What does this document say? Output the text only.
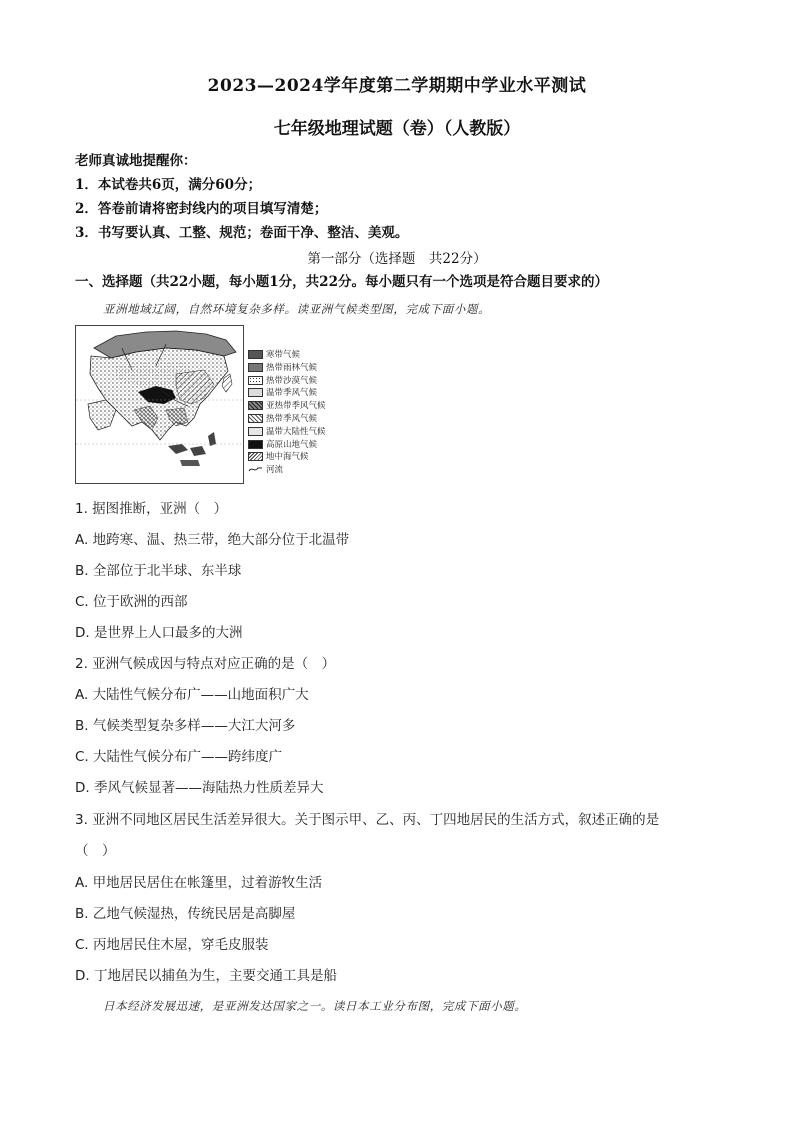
2023—2024学年度第二学期期中学业水平测试
七年级地理试题（卷）（人教版）
老师真诚地提醒你：
1．本试卷共6页，满分60分；
2．答卷前请将密封线内的项目填写清楚；
3．书写要认真、工整、规范；卷面干净、整洁、美观。
第一部分（选择题　共22分）
一、选择题（共22小题，每小题1分，共22分。每小题只有一个选项是符合题目要求的）
亚洲地域辽阔，自然环境复杂多样。读亚洲气候类型图，完成下面小题。
寒带气候
热带雨林气候
热带沙漠气候
温带季风气候
亚热带季风气候
热带季风气候
温带大陆性气候
高原山地气候
地中海气候
河流
1. 据图推断，亚洲（　）
A. 地跨寒、温、热三带，绝大部分位于北温带
B. 全部位于北半球、东半球
C. 位于欧洲的西部
D. 是世界上人口最多的大洲
2. 亚洲气候成因与特点对应正确的是（　）
A. 大陆性气候分布广——山地面积广大
B. 气候类型复杂多样——大江大河多
C. 大陆性气候分布广——跨纬度广
D. 季风气候显著——海陆热力性质差异大
3. 亚洲不同地区居民生活差异很大。关于图示甲、乙、丙、丁四地居民的生活方式，叙述正确的是
（　）
A. 甲地居民居住在帐篷里，过着游牧生活
B. 乙地气候湿热，传统民居是高脚屋
C. 丙地居民住木屋，穿毛皮服装
D. 丁地居民以捕鱼为生，主要交通工具是船
日本经济发展迅速，是亚洲发达国家之一。读日本工业分布图，完成下面小题。
